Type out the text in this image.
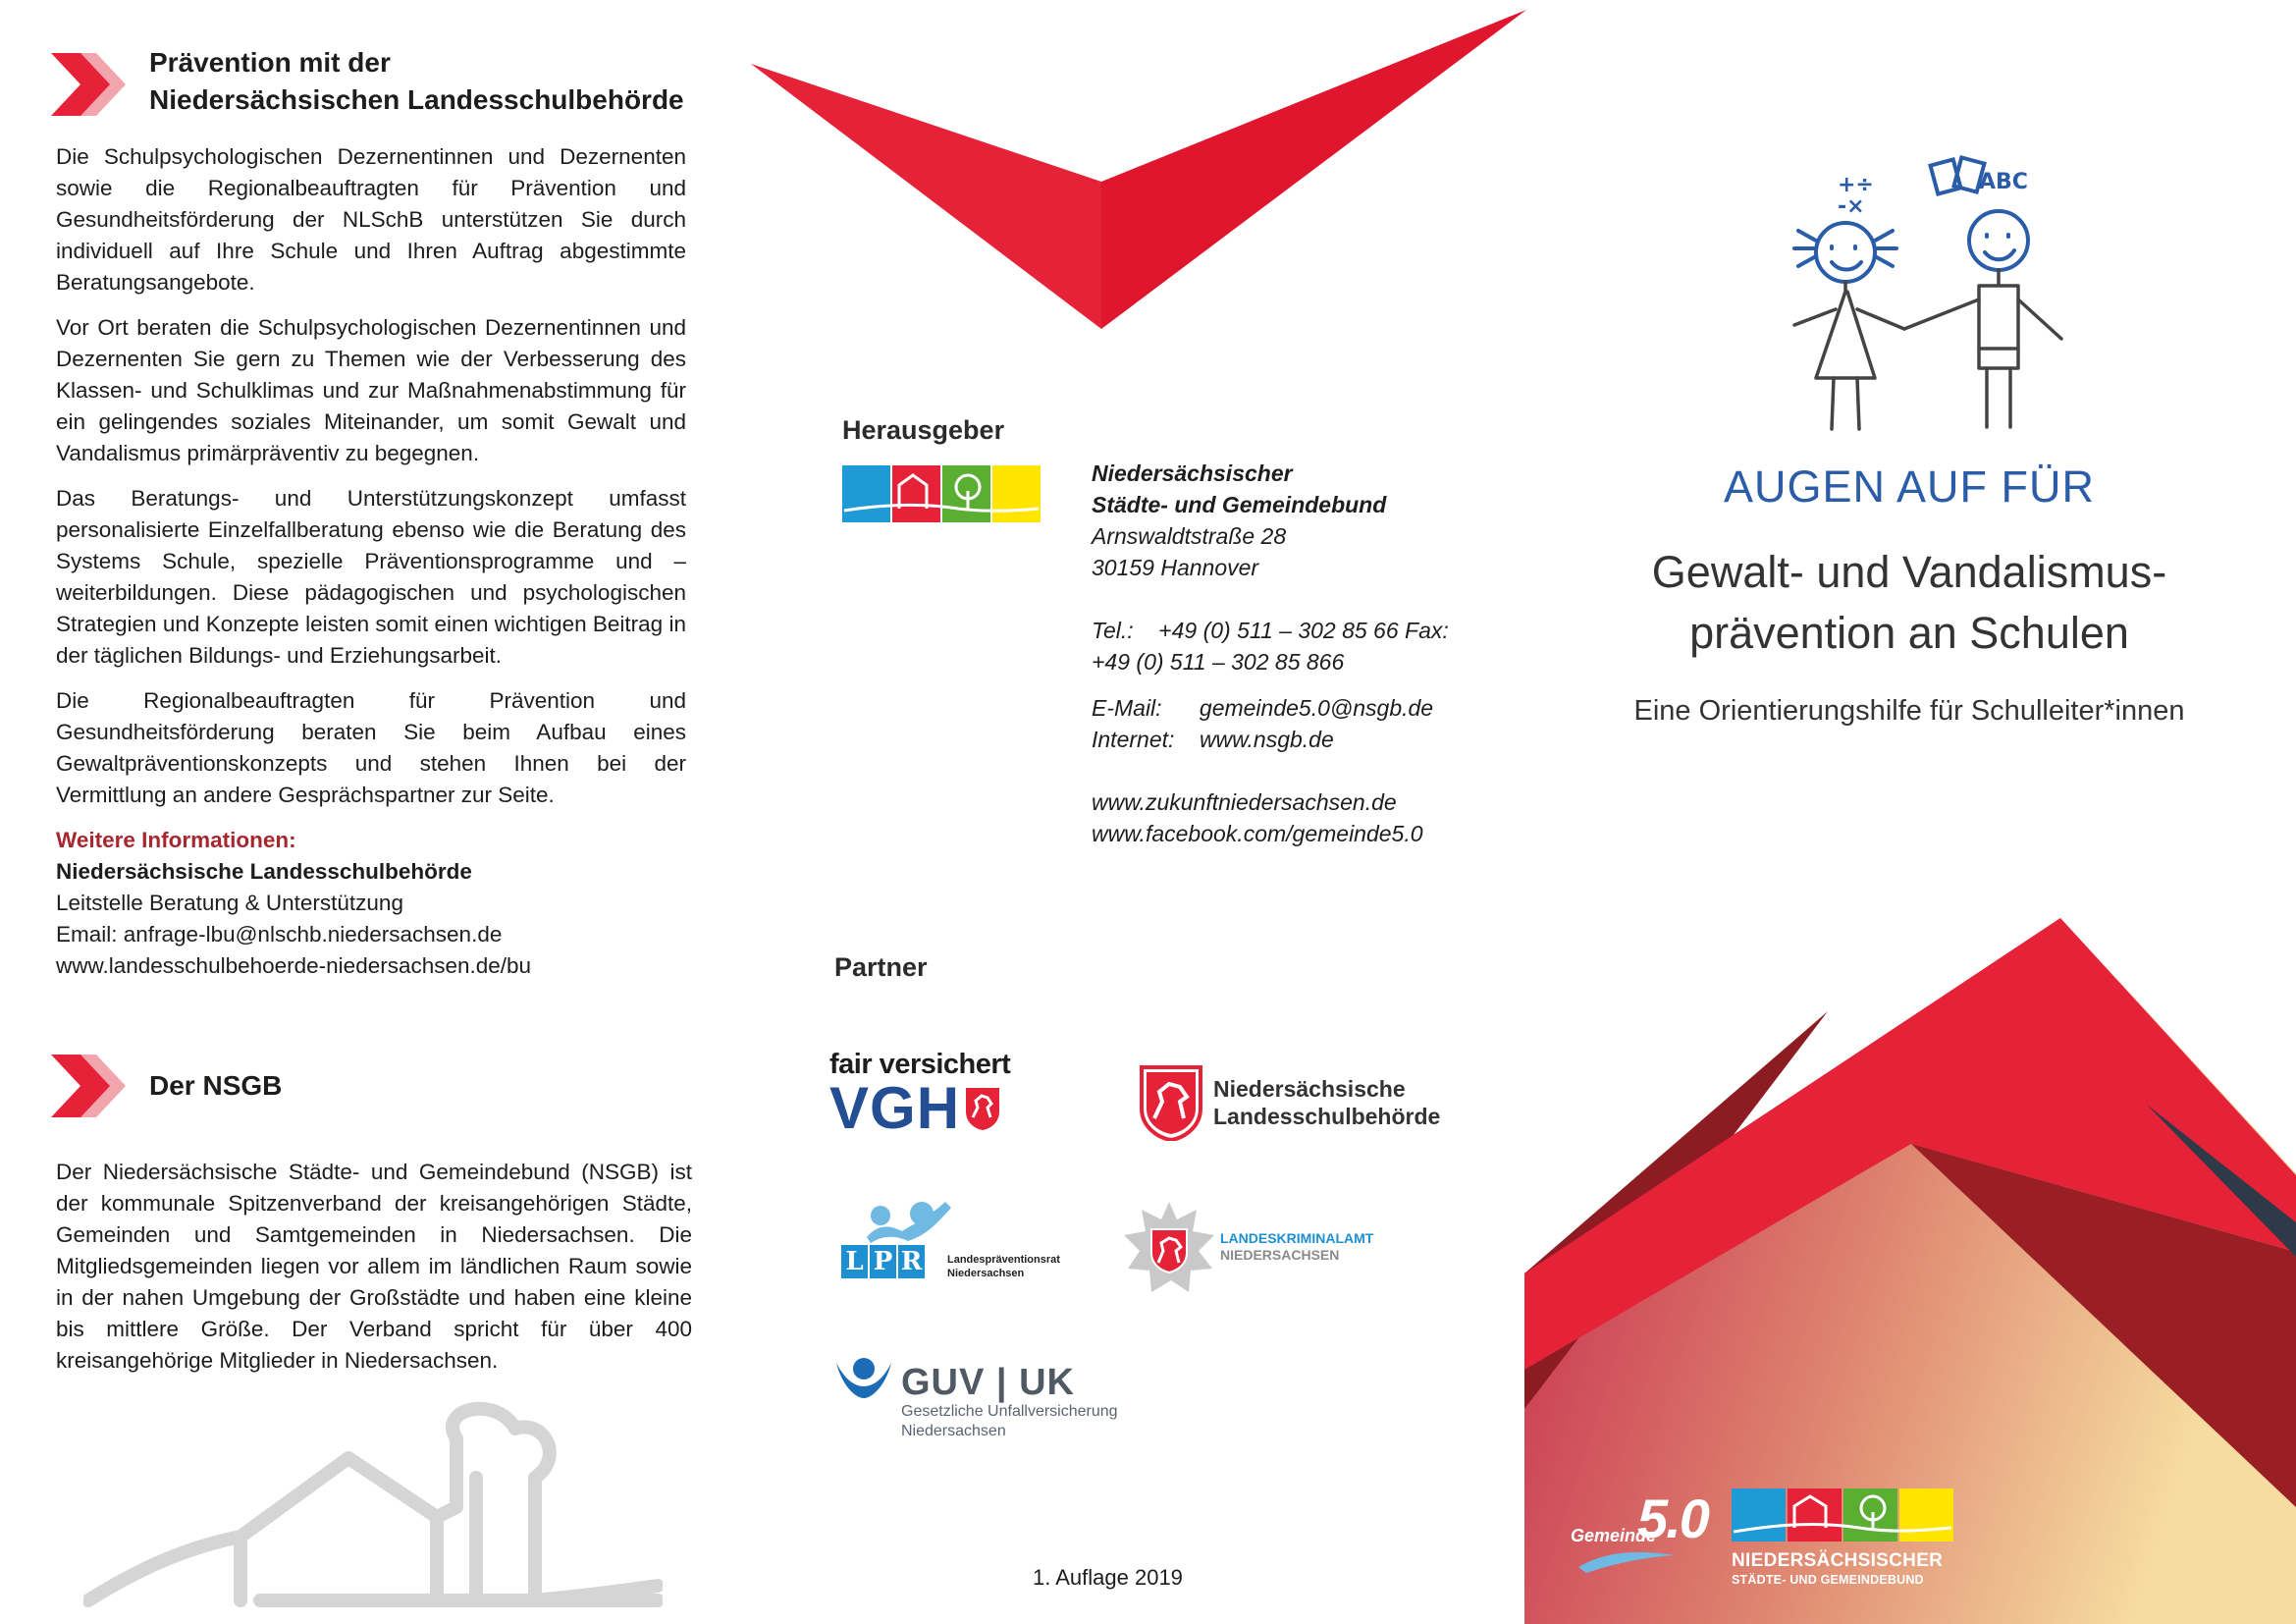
Prävention mit der
Niedersächsischen Landesschulbehörde

Die Schulpsychologischen Dezernentinnen und Dezernenten sowie die Regionalbeauftragten für Prävention und Gesundheitsförderung der NLSchB unterstützen Sie durch individuell auf Ihre Schule und Ihren Auftrag abgestimmte Beratungsangebote.

Vor Ort beraten die Schulpsychologischen Dezernentinnen und Dezernenten Sie gern zu Themen wie der Verbesserung des Klassen- und Schulklimas und zur Maßnahmenabstimmung für ein gelingendes soziales Miteinander, um somit Gewalt und Vandalismus primärpräventiv zu begegnen.

Das Beratungs- und Unterstützungskonzept umfasst personalisierte Einzelfallberatung ebenso wie die Beratung des Systems Schule, spezielle Präventionsprogramme und –weiterbildungen. Diese pädagogischen und psychologischen Strategien und Konzepte leisten somit einen wichtigen Beitrag in der täglichen Bildungs- und Erziehungsarbeit.

Die Regionalbeauftragten für Prävention und Gesundheitsförderung beraten Sie beim Aufbau eines Gewaltpräventionskonzepts und stehen Ihnen bei der Vermittlung an andere Gesprächspartner zur Seite.

Weitere Informationen:
Niedersächsische Landesschulbehörde
Leitstelle Beratung & Unterstützung
Email: anfrage-lbu@nlschb.niedersachsen.de
www.landesschulbehoerde-niedersachsen.de/bu
Der NSGB

Der Niedersächsische Städte- und Gemeindebund (NSGB) ist der kommunale Spitzenverband der kreisangehörigen Städte, Gemeinden und Samtgemeinden in Niedersachsen. Die Mitgliedsgemeinden liegen vor allem im ländlichen Raum sowie in der nahen Umgebung der Großstädte und haben eine kleine bis mittlere Größe. Der Verband spricht für über 400 kreisangehörige Mitglieder in Niedersachsen.

Herausgeber
Niedersächsischer
Städte- und Gemeindebund
Arnswaldtstraße 28
30159 Hannover
Tel.:    +49 (0) 511 – 302 85 66 Fax:
+49 (0) 511 – 302 85 866
E-Mail:      gemeinde5.0@nsgb.de
Internet:    www.nsgb.de
www.zukunftniedersachsen.de
www.facebook.com/gemeinde5.0
Partner
fair versichert
VGH	Niedersächsische
Landesschulbehörde
L P R Landespräventionsrat
Niedersachsen
LANDESKRIMINALAMT
NIEDERSACHSEN
GUV | UK
Gesetzliche Unfallversicherung
Niedersachsen
1. Auflage 2019
+÷
-×
ABC
AUGEN AUF FÜR
Gewalt- und Vandalismus-
prävention an Schulen
Eine Orientierungshilfe für Schulleiter*innen
Gemeinde
5.0
NIEDERSÄCHSISCHER
STÄDTE- UND GEMEINDEBUND
